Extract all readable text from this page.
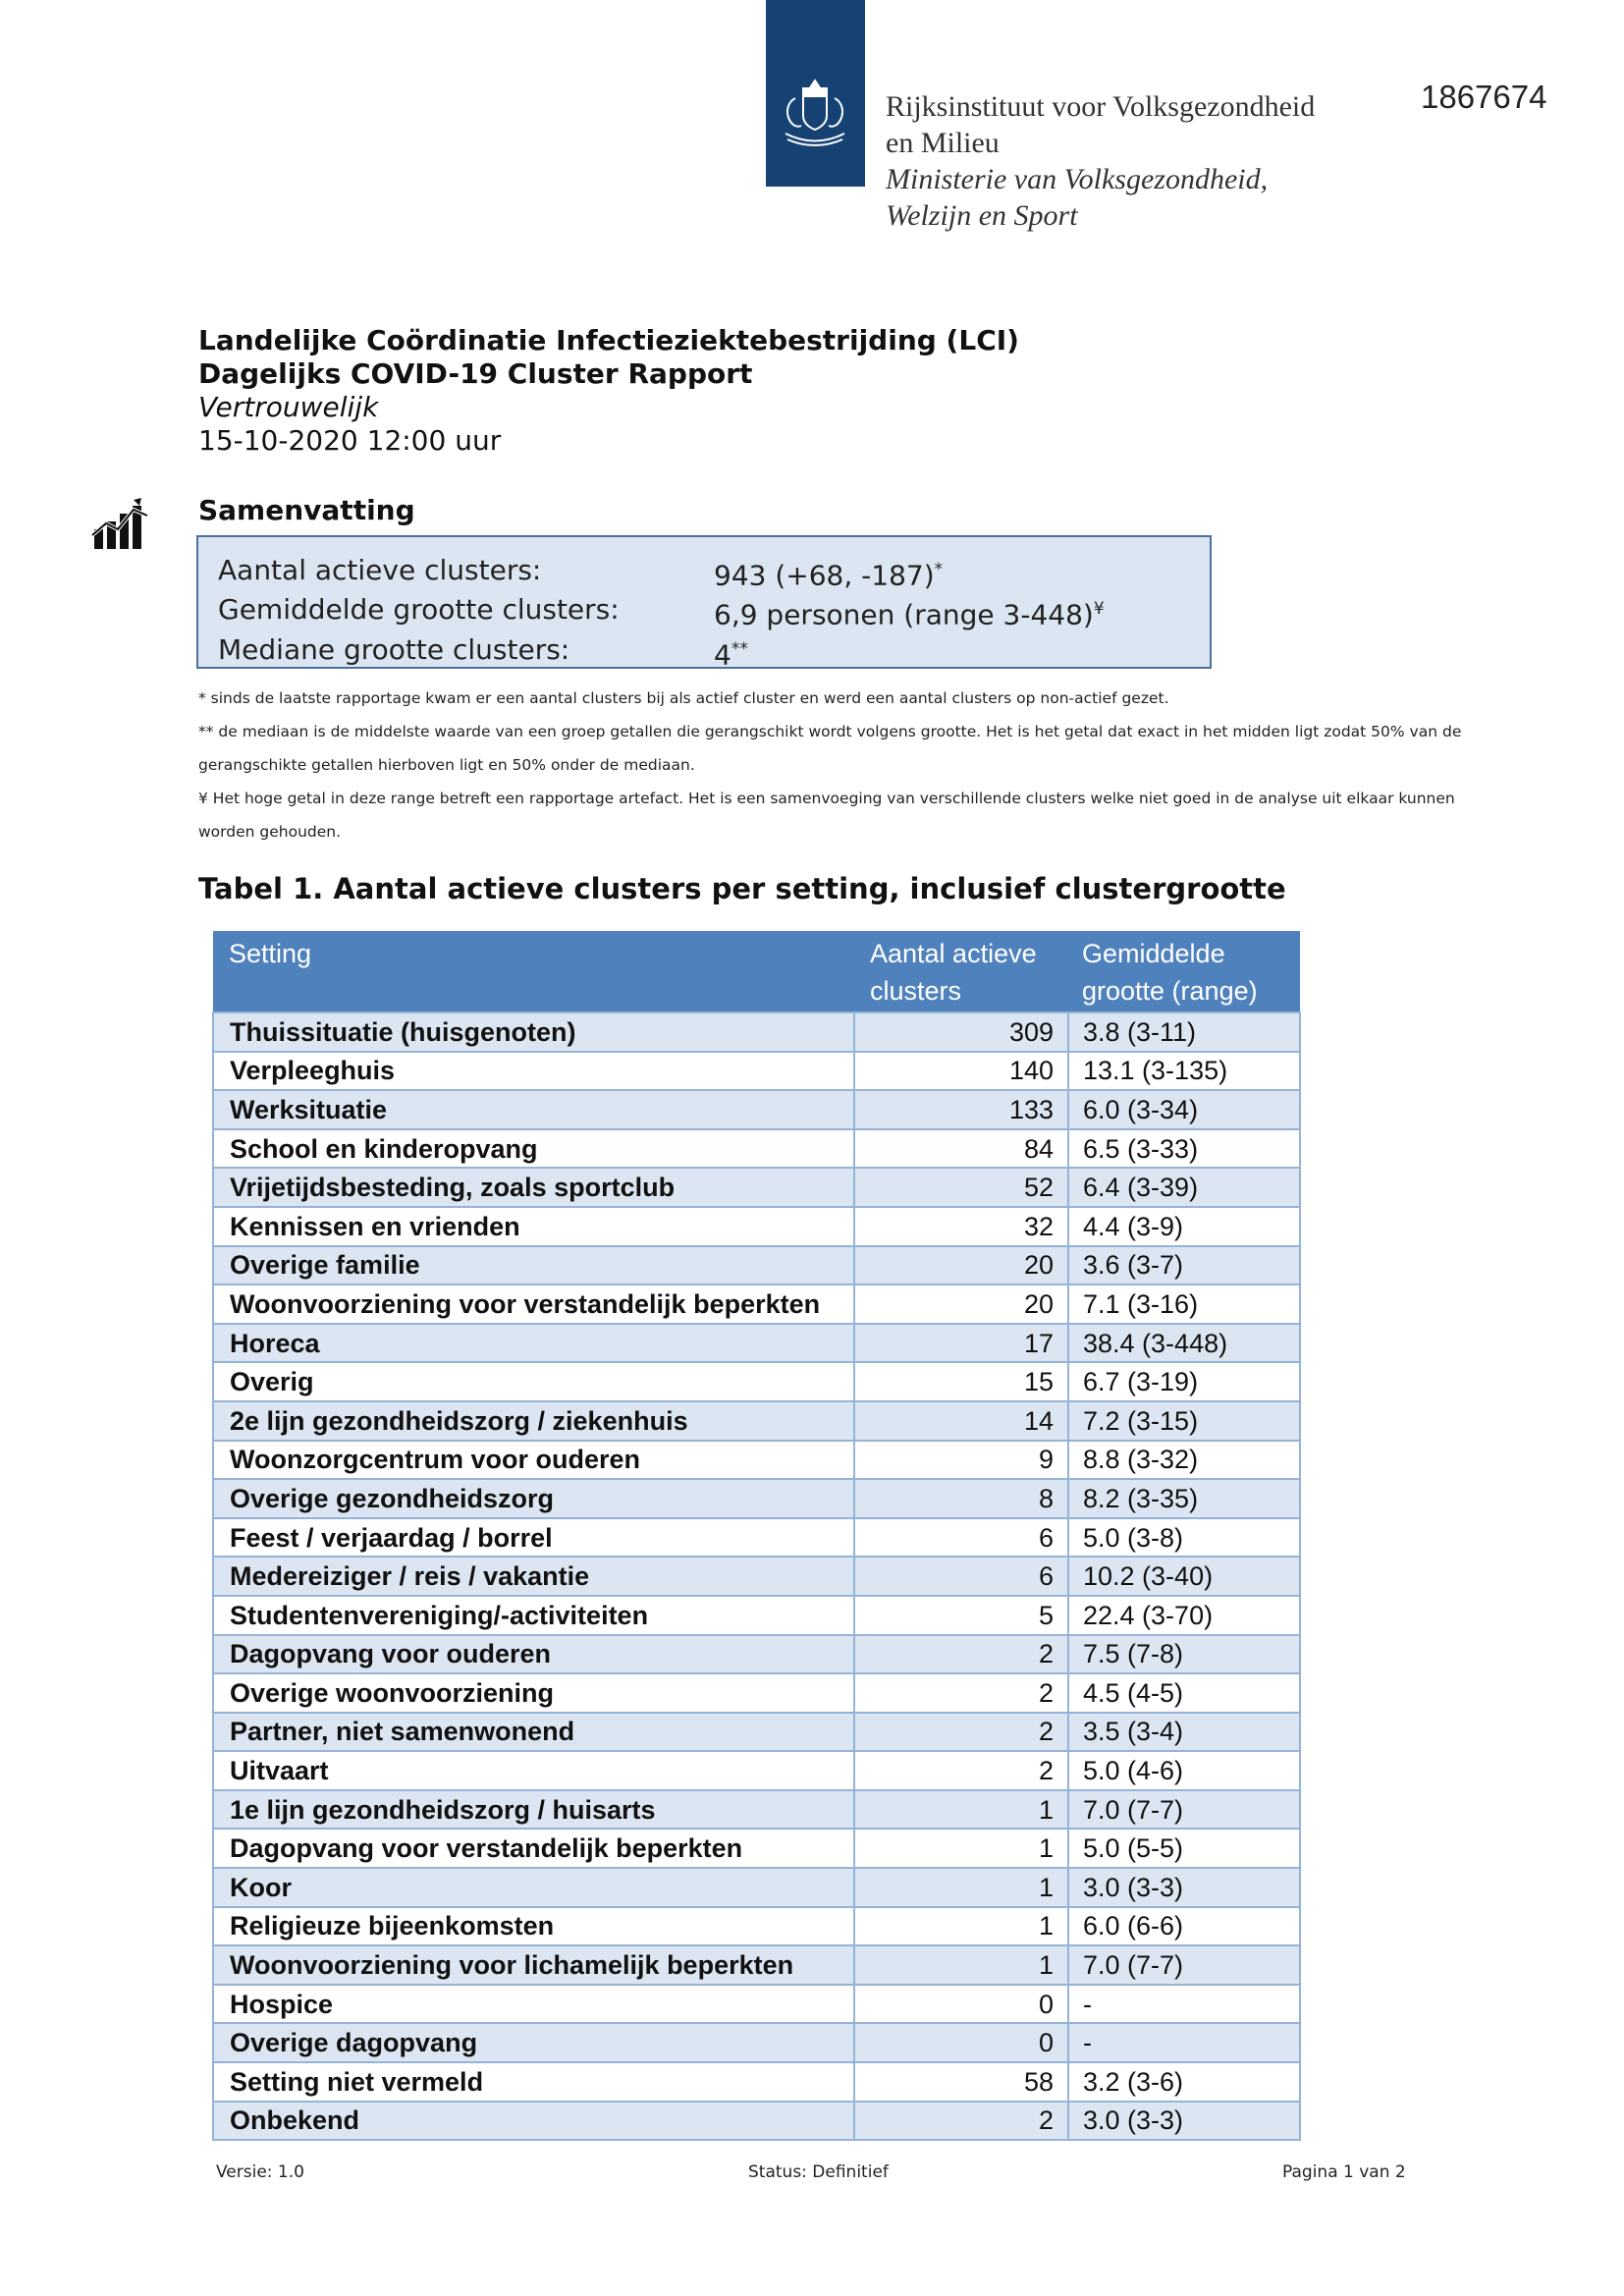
Rijksinstituut voor Volksgezondheid
en Milieu
Ministerie van Volksgezondheid,
Welzijn en Sport
1867674
Landelijke Coördinatie Infectieziektebestrijding (LCI)
Dagelijks COVID-19 Cluster Rapport
Vertrouwelijk
15-10-2020 12:00 uur
Samenvatting
Aantal actieve clusters:	943 (+68, -187)*
Gemiddelde grootte clusters:	6,9 personen (range 3-448)¥
Mediane grootte clusters:	4**

* sinds de laatste rapportage kwam er een aantal clusters bij als actief cluster en werd een aantal clusters op non-actief gezet.

** de mediaan is de middelste waarde van een groep getallen die gerangschikt wordt volgens grootte. Het is het getal dat exact in het midden ligt zodat 50% van de gerangschikte getallen hierboven ligt en 50% onder de mediaan.

¥ Het hoge getal in deze range betreft een rapportage artefact. Het is een samenvoeging van verschillende clusters welke niet goed in de analyse uit elkaar kunnen worden gehouden.

Tabel 1. Aantal actieve clusters per setting, inclusief clustergrootte
Setting	Aantal actieve clusters	Gemiddelde grootte (range)
Thuissituatie (huisgenoten)	309	3.8 (3-11)
Verpleeghuis	140	13.1 (3-135)
Werksituatie	133	6.0 (3-34)
School en kinderopvang	84	6.5 (3-33)
Vrijetijdsbesteding, zoals sportclub	52	6.4 (3-39)
Kennissen en vrienden	32	4.4 (3-9)
Overige familie	20	3.6 (3-7)
Woonvoorziening voor verstandelijk beperkten	20	7.1 (3-16)
Horeca	17	38.4 (3-448)
Overig	15	6.7 (3-19)
2e lijn gezondheidszorg / ziekenhuis	14	7.2 (3-15)
Woonzorgcentrum voor ouderen	9	8.8 (3-32)
Overige gezondheidszorg	8	8.2 (3-35)
Feest / verjaardag / borrel	6	5.0 (3-8)
Medereiziger / reis / vakantie	6	10.2 (3-40)
Studentenvereniging/-activiteiten	5	22.4 (3-70)
Dagopvang voor ouderen	2	7.5 (7-8)
Overige woonvoorziening	2	4.5 (4-5)
Partner, niet samenwonend	2	3.5 (3-4)
Uitvaart	2	5.0 (4-6)
1e lijn gezondheidszorg / huisarts	1	7.0 (7-7)
Dagopvang voor verstandelijk beperkten	1	5.0 (5-5)
Koor	1	3.0 (3-3)
Religieuze bijeenkomsten	1	6.0 (6-6)
Woonvoorziening voor lichamelijk beperkten	1	7.0 (7-7)
Hospice	0	-
Overige dagopvang	0	-
Setting niet vermeld	58	3.2 (3-6)
Onbekend	2	3.0 (3-3)
Versie: 1.0	Status: Definitief	Pagina 1 van 2
